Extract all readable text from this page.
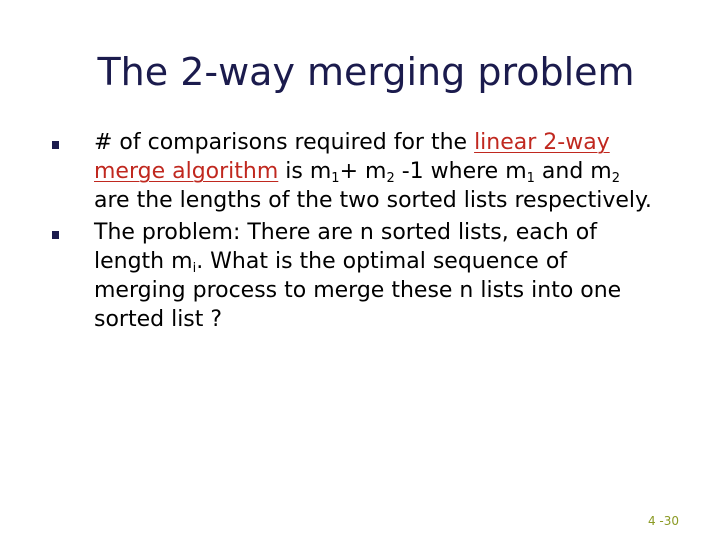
The 2-way merging problem
# of comparisons required for the linear 2-way merge algorithm is $m_1+ m_2$ -1 where $m_1$ and $m_2$ are the lengths of the two sorted lists respectively.
The problem: There are n sorted lists, each of length $m_i$. What is the optimal sequence of merging process to merge these n lists into one sorted list ?
4 -30
